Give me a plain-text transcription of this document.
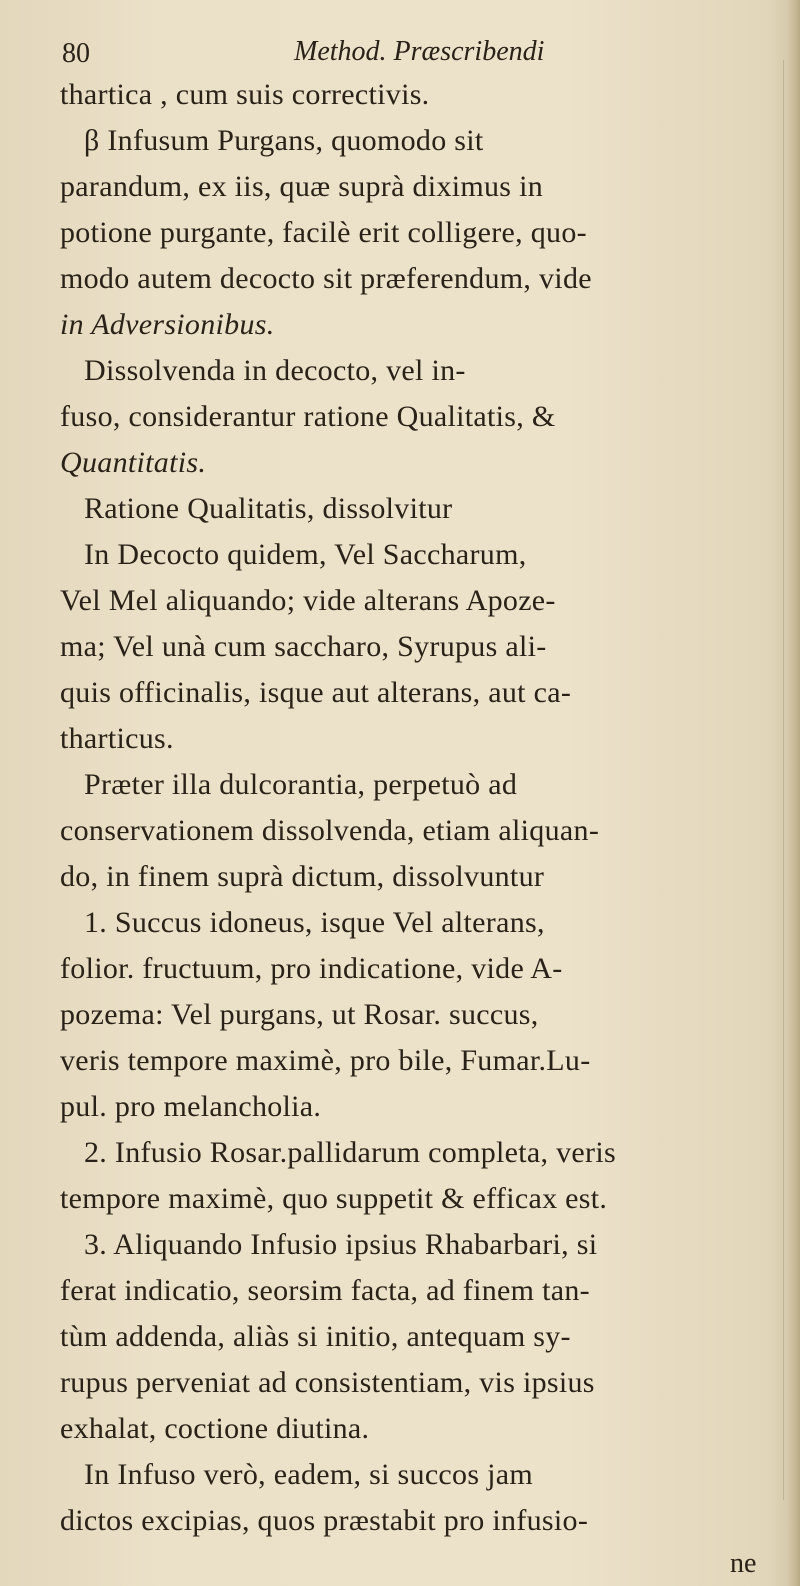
80	Method. Præscribendi
thartica , cum suis correctivis.
β Infusum Purgans, quomodo sit
parandum, ex iis, quæ suprà diximus in
potione purgante, facilè erit colligere, quo-
modo autem decocto sit præferendum, vide
in Adversionibus.
Dissolvenda in decocto, vel in-
fuso, considerantur ratione Qualitatis, &
Quantitatis.
Ratione Qualitatis, dissolvitur
In Decocto quidem, Vel Saccharum,
Vel Mel aliquando; vide alterans Apoze-
ma; Vel unà cum saccharo, Syrupus ali-
quis officinalis, isque aut alterans, aut ca-
tharticus.
Præter illa dulcorantia, perpetuò ad
conservationem dissolvenda, etiam aliquan-
do, in finem suprà dictum, dissolvuntur
1. Succus idoneus, isque Vel alterans,
folior. fructuum, pro indicatione, vide A-
pozema: Vel purgans, ut Rosar. succus,
veris tempore maximè, pro bile, Fumar.Lu-
pul. pro melancholia.
2. Infusio Rosar.pallidarum completa, veris
tempore maximè, quo suppetit & efficax est.
3. Aliquando Infusio ipsius Rhabarbari, si
ferat indicatio, seorsim facta, ad finem tan-
tùm addenda, aliàs si initio, antequam sy-
rupus perveniat ad consistentiam, vis ipsius
exhalat, coctione diutina.
In Infuso verò, eadem, si succos jam
dictos excipias, quos præstabit pro infusio-
ne
